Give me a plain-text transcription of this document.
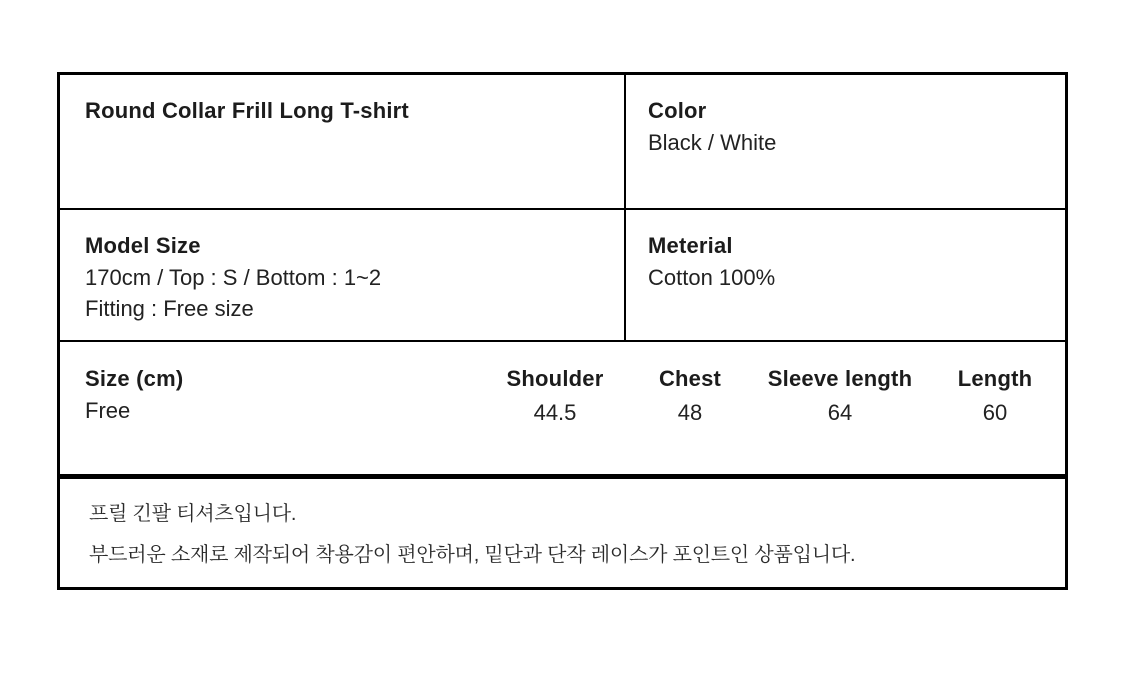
Round Collar Frill Long T-shirt	Color
Black / White
Model Size
170cm / Top : S / Bottom : 1~2
Fitting : Free size
Meterial
Cotton 100%
Size (cm)
Free
Shoulder
44.5
Chest
48
Sleeve length
64
Length
60
프릴 긴팔 티셔츠입니다.
부드러운 소재로 제작되어 착용감이 편안하며, 밑단과 단작 레이스가 포인트인 상품입니다.
